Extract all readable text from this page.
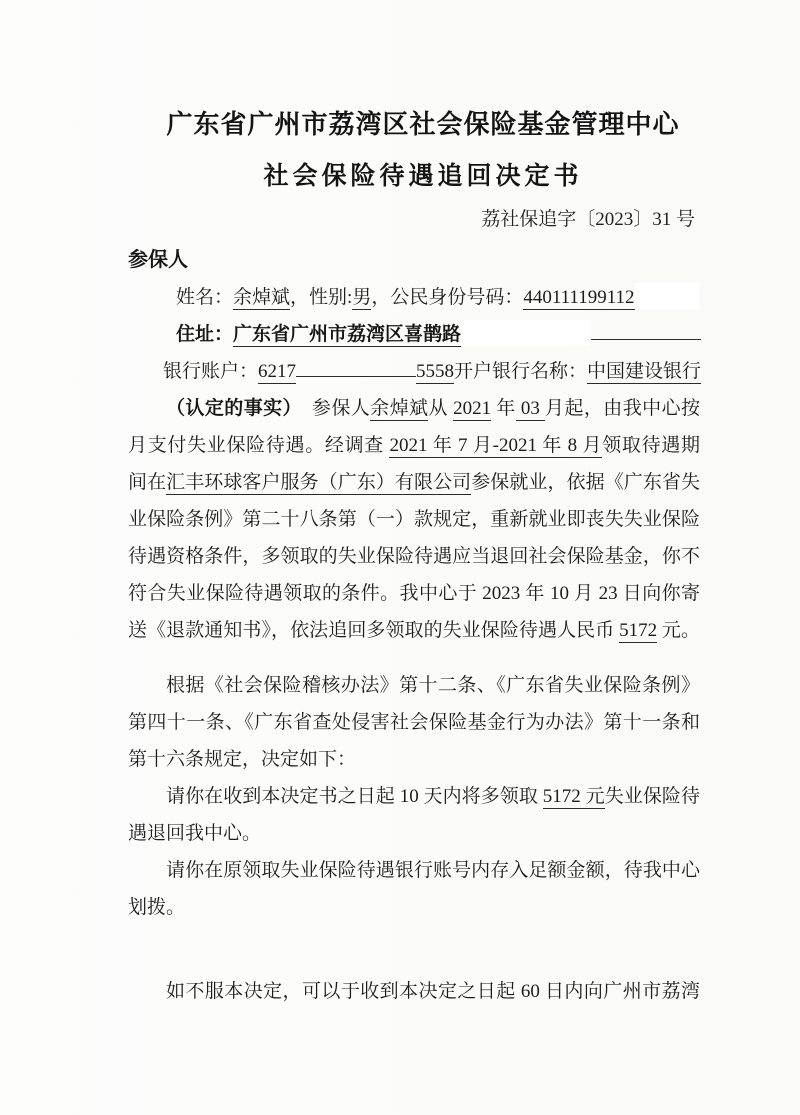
广东省广州市荔湾区社会保险基金管理中心
社会保险待遇追回决定书
荔社保追字〔2023〕31 号
参保人
姓名：余焯斌，性别:男，公民身份号码：440111199112
住址：广东省广州市荔湾区喜鹊路
银行账户：6217	5558开户银行名称：中国建设银行
（认定的事实）　参保人余焯斌从 2021 年 03 月起，由我中心按
月支付失业保险待遇。经调查 2021 年 7 月-2021 年 8 月领取待遇期
间在汇丰环球客户服务（广东）有限公司参保就业，依据《广东省失
业保险条例》第二十八条第（一）款规定，重新就业即丧失失业保险
待遇资格条件，多领取的失业保险待遇应当退回社会保险基金，你不
符合失业保险待遇领取的条件。我中心于 2023 年 10 月 23 日向你寄
送《退款通知书》，依法追回多领取的失业保险待遇人民币 5172 元。
根据《社会保险稽核办法》第十二条、《广东省失业保险条例》
第四十一条、《广东省查处侵害社会保险基金行为办法》第十一条和
第十六条规定，决定如下：
请你在收到本决定书之日起 10 天内将多领取 5172 元失业保险待
遇退回我中心。
请你在原领取失业保险待遇银行账号内存入足额金额，待我中心
划拨。
如不服本决定，可以于收到本决定之日起 60 日内向广州市荔湾
